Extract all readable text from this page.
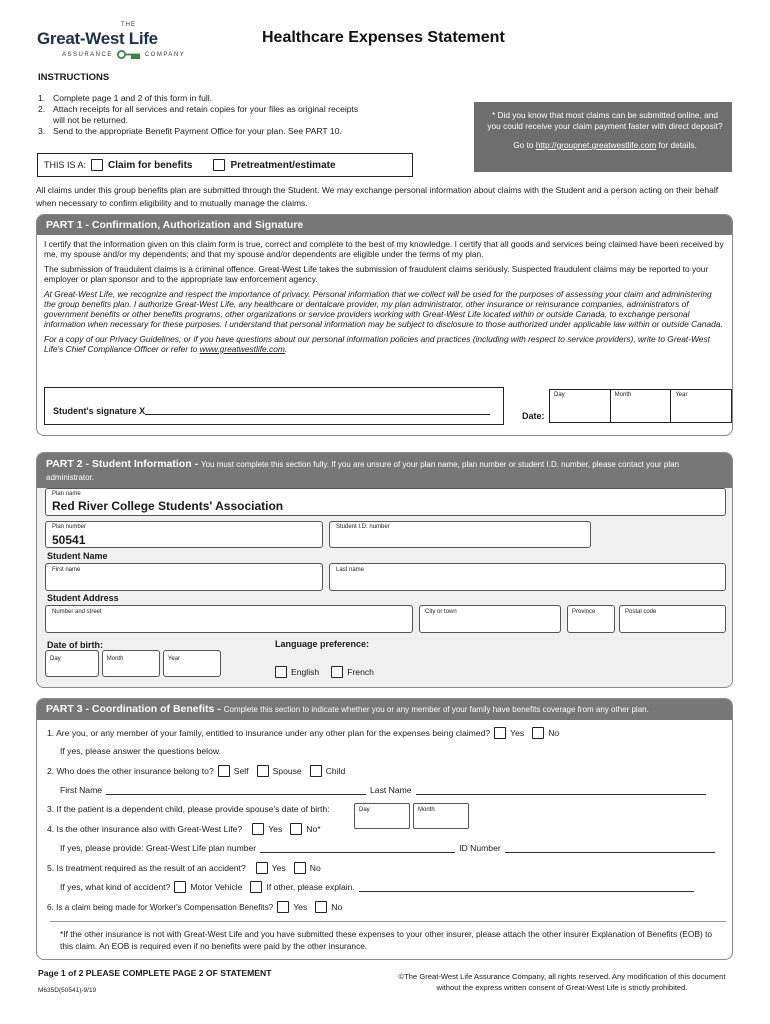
THE
Great-West Life
ASSURANCE	COMPANY
Healthcare Expenses Statement
INSTRUCTIONS
1. Complete page 1 and 2 of this form in full.
2. Attach receipts for all services and retain copies for your files as original receipts will not be returned.
3. Send to the appropriate Benefit Payment Office for your plan. See PART 10.
* Did you know that most claims can be submitted online, and you could receive your claim payment faster with direct deposit?
Go to http://groupnet.greatwestlife.com for details.
THIS IS A: Claim for benefits	Pretreatment/estimate
All claims under this group benefits plan are submitted through the Student. We may exchange personal information about claims with the Student and a person acting on their behalf when necessary to confirm eligibility and to mutually manage the claims.
PART 1 - Confirmation, Authorization and Signature

I certify that the information given on this claim form is true, correct and complete to the best of my knowledge. I certify that all goods and services being claimed have been received by me, my spouse and/or my dependents; and that my spouse and/or dependents are eligible under the terms of my plan.

The submission of fraudulent claims is a criminal offence. Great-West Life takes the submission of fraudulent claims seriously. Suspected fraudulent claims may be reported to your employer or plan sponsor and to the appropriate law enforcement agency.

At Great-West Life, we recognize and respect the importance of privacy. Personal information that we collect will be used for the purposes of assessing your claim and administering the group benefits plan. I authorize Great-West Life, any healthcare or dentalcare provider, my plan administrator, other insurance or reinsurance companies, administrators of government benefits or other benefits programs, other organizations or service providers working with Great-West Life located within or outside Canada, to exchange personal information when necessary for these purposes. I understand that personal information may be subject to disclosure to those authorized under applicable law within or outside Canada.

For a copy of our Privacy Guidelines, or if you have questions about our personal information policies and practices (including with respect to service providers), write to Great-West Life's Chief Compliance Officer or refer to www.greatwestlife.com.

Student's signature X	Date:
Day	Month	Year
PART 2 - Student Information - You must complete this section fully. If you are unsure of your plan name, plan number or student I.D. number, please contact your plan administrator.
Plan name
Red River College Students' Association
Plan number
50541
Student I.D. number
Student Name
First name	Last name
Student Address
Number and street	City or town	Province	Postal code
Date of birth:
Day	Month	Year
Language preference:
English	French
PART 3 - Coordination of Benefits - Complete this section to indicate whether you or any member of your family have benefits coverage from any other plan.
1. Are you, or any member of your family, entitled to insurance under any other plan for the expenses being claimed? Yes	No
If yes, please answer the questions below.
2. Who does the other insurance belong to? Self	Spouse	Child
First Name	Last Name
3. If the patient is a dependent child, please provide spouse's date of birth:	Day	Month
4. Is the other insurance also with Great-West Life?	Yes	No*
If yes, please provide: Great-West Life plan number	ID Number
5. Is treatment required as the result of an accident?	Yes	No
If yes, what kind of accident? Motor Vehicle	If other, please explain.
6. Is a claim being made for Worker's Compensation Benefits? Yes	No
*If the other insurance is not with Great-West Life and you have submitted these expenses to your other insurer, please attach the other insurer Explanation of Benefits (EOB) to this claim. An EOB is required even if no benefits were paid by the other insurance.
Page 1 of 2 PLEASE COMPLETE PAGE 2 OF STATEMENT
M635D(50541)-9/19
©The Great-West Life Assurance Company, all rights reserved. Any modification of this document without the express written consent of Great-West Life is strictly prohibited.
